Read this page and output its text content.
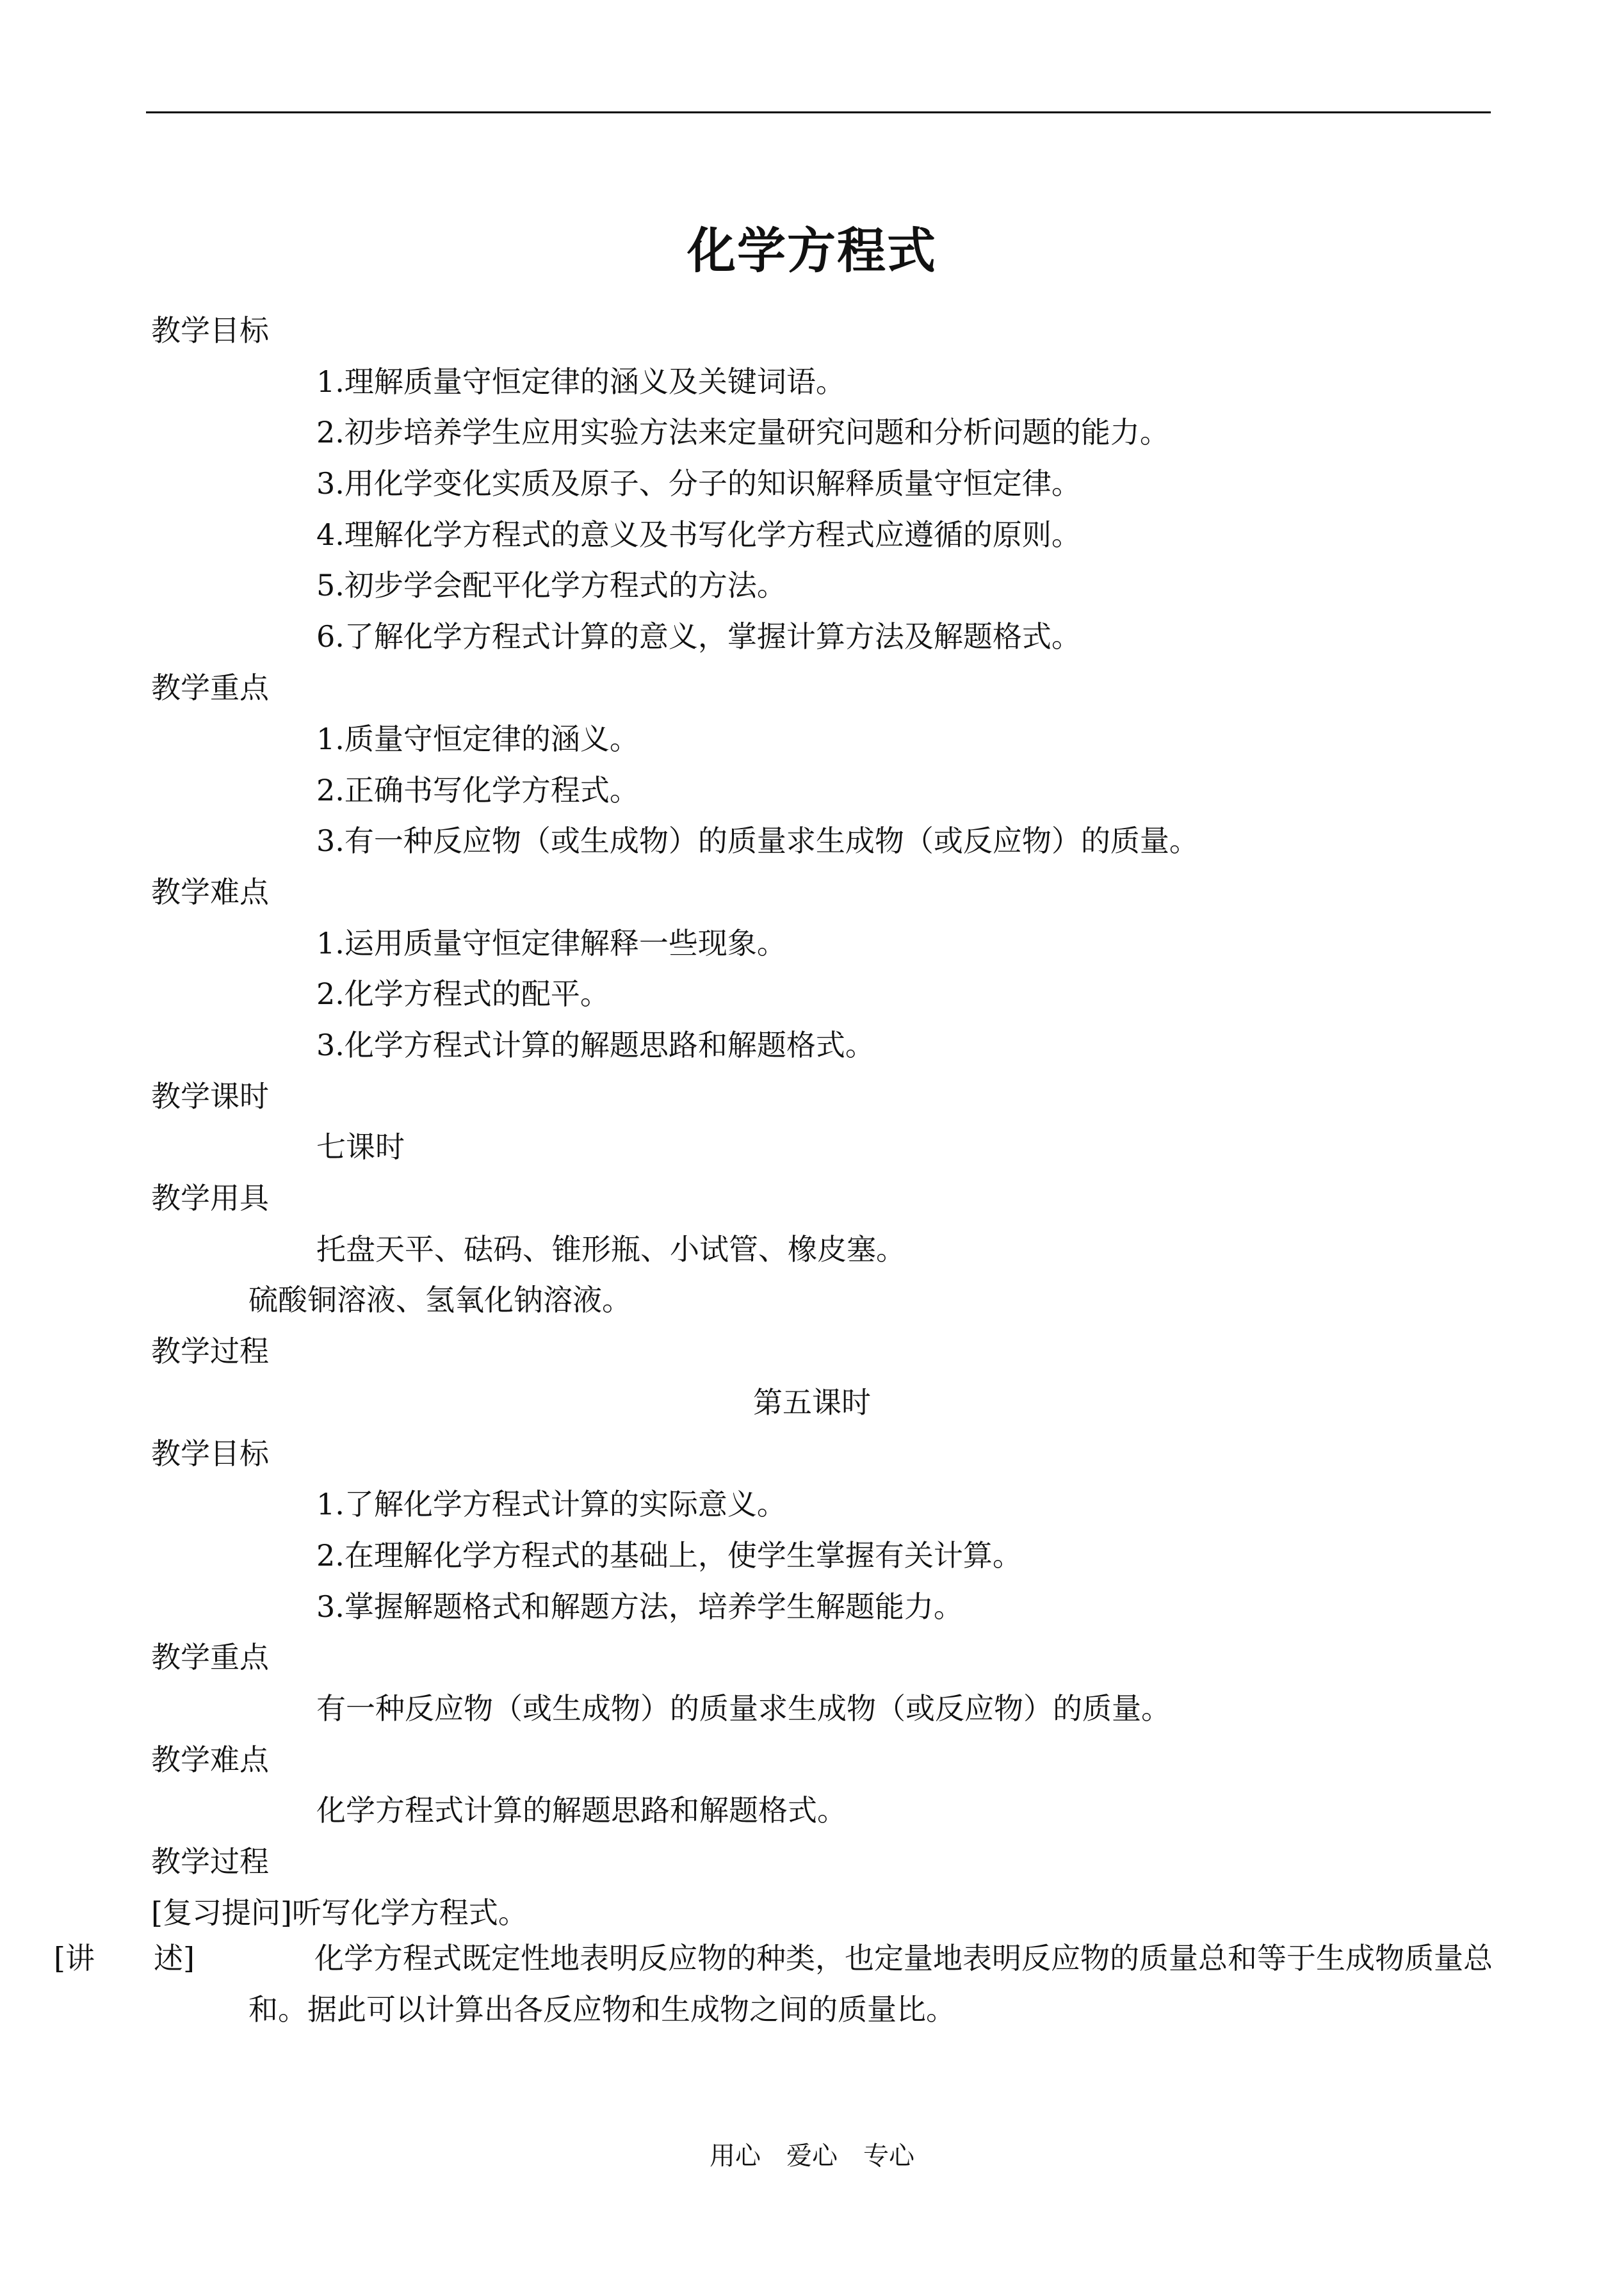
化学方程式
教学目标
1.理解质量守恒定律的涵义及关键词语。
2.初步培养学生应用实验方法来定量研究问题和分析问题的能力。
3.用化学变化实质及原子、分子的知识解释质量守恒定律。
4.理解化学方程式的意义及书写化学方程式应遵循的原则。
5.初步学会配平化学方程式的方法。
6.了解化学方程式计算的意义，掌握计算方法及解题格式。
教学重点
1.质量守恒定律的涵义。
2.正确书写化学方程式。
3.有一种反应物（或生成物）的质量求生成物（或反应物）的质量。
教学难点
1.运用质量守恒定律解释一些现象。
2.化学方程式的配平。
3.化学方程式计算的解题思路和解题格式。
教学课时
七课时
教学用具
托盘天平、砝码、锥形瓶、小试管、橡皮塞。
硫酸铜溶液、氢氧化钠溶液。
教学过程
第五课时
教学目标
1.了解化学方程式计算的实际意义。
2.在理解化学方程式的基础上，使学生掌握有关计算。
3.掌握解题格式和解题方法，培养学生解题能力。
教学重点
有一种反应物（或生成物）的质量求生成物（或反应物）的质量。
教学难点
化学方程式计算的解题思路和解题格式。
教学过程
[复习提问]听写化学方程式。
[讲　　述]	化学方程式既定性地表明反应物的种类，也定量地表明反应物的质量总和等于生成物质量总和。据此可以计算出各反应物和生成物之间的质量比。
用心　爱心　专心
